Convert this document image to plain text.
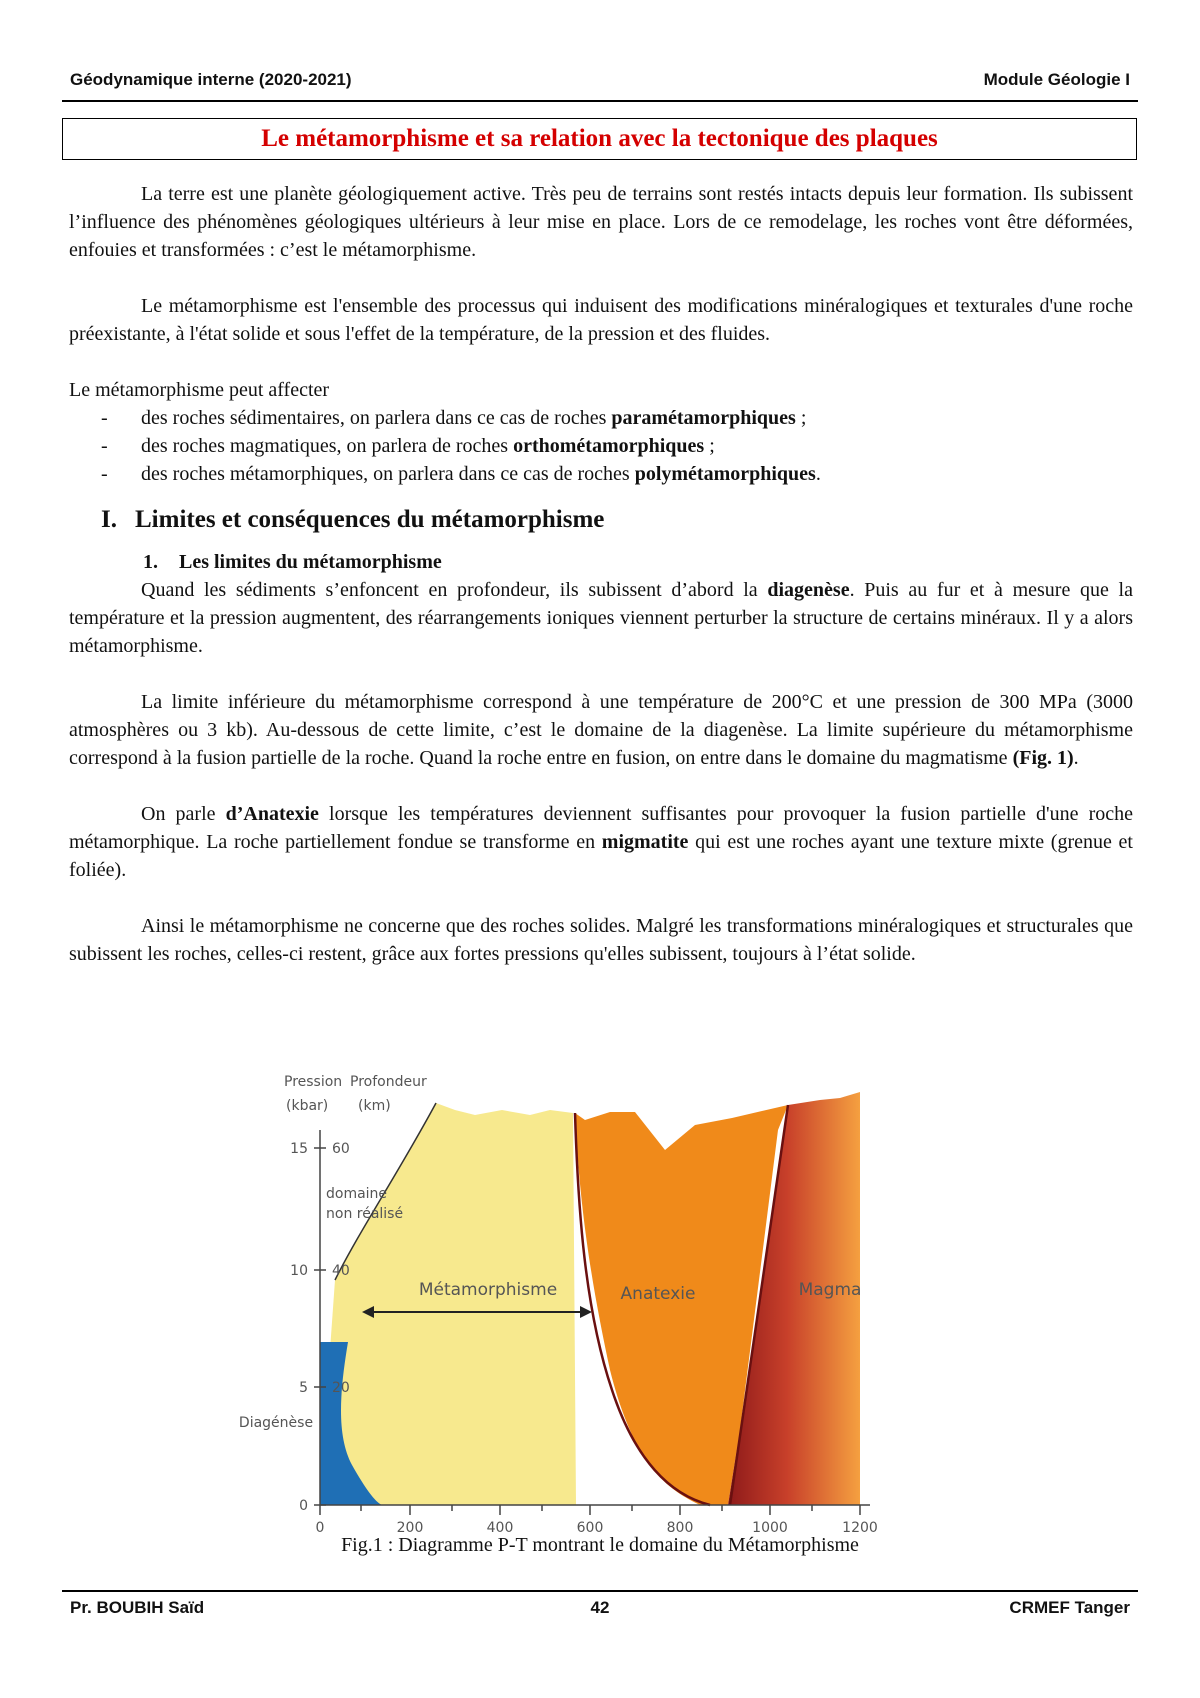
Géodynamique interne (2020-2021)	Module Géologie I
Le métamorphisme et sa relation avec la tectonique des plaques

La terre est une planète géologiquement active. Très peu de terrains sont restés intacts depuis leur formation. Ils subissent l’influence des phénomènes géologiques ultérieurs à leur mise en place. Lors de ce remodelage, les roches vont être déformées, enfouies et transformées : c’est le métamorphisme.

Le métamorphisme est l'ensemble des processus qui induisent des modifications minéralogiques et texturales d'une roche préexistante, à l'état solide et sous l'effet de la température, de la pression et des fluides.

Le métamorphisme peut affecter

- des roches sédimentaires, on parlera dans ce cas de roches paramétamorphiques ;
- des roches magmatiques, on parlera de roches orthométamorphiques ;
- des roches métamorphiques, on parlera dans ce cas de roches polymétamorphiques.
I. Limites et conséquences du métamorphisme
1. Les limites du métamorphisme

Quand les sédiments s’enfoncent en profondeur, ils subissent d’abord la diagenèse. Puis au fur et à mesure que la température et la pression augmentent, des réarrangements ioniques viennent perturber la structure de certains minéraux. Il y a alors métamorphisme.

La limite inférieure du métamorphisme correspond à une température de 200°C et une pression de 300 MPa (3000 atmosphères ou 3 kb). Au-dessous de cette limite, c’est le domaine de la diagenèse. La limite supérieure du métamorphisme correspond à la fusion partielle de la roche. Quand la roche entre en fusion, on entre dans le domaine du magmatisme (Fig. 1).

On parle d’Anatexie lorsque les températures deviennent suffisantes pour provoquer la fusion partielle d'une roche métamorphique. La roche partiellement fondue se transforme en migmatite qui est une roches ayant une texture mixte (grenue et foliée).

Ainsi le métamorphisme ne concerne que des roches solides. Malgré les transformations minéralogiques et structurales que subissent les roches, celles-ci restent, grâce aux fortes pressions qu'elles subissent, toujours à l’état solide.

Pression
(kbar)
Profondeur
(km)
15
10
5
0
60
40
20
0	200	400	600	800	1000	1200
domaine
non réalisé
Métamorphisme	Anatexie	Magma
Diagénèse
Fig.1 : Diagramme P-T montrant le domaine du Métamorphisme
Pr. BOUBIH Saïd	42	CRMEF Tanger
